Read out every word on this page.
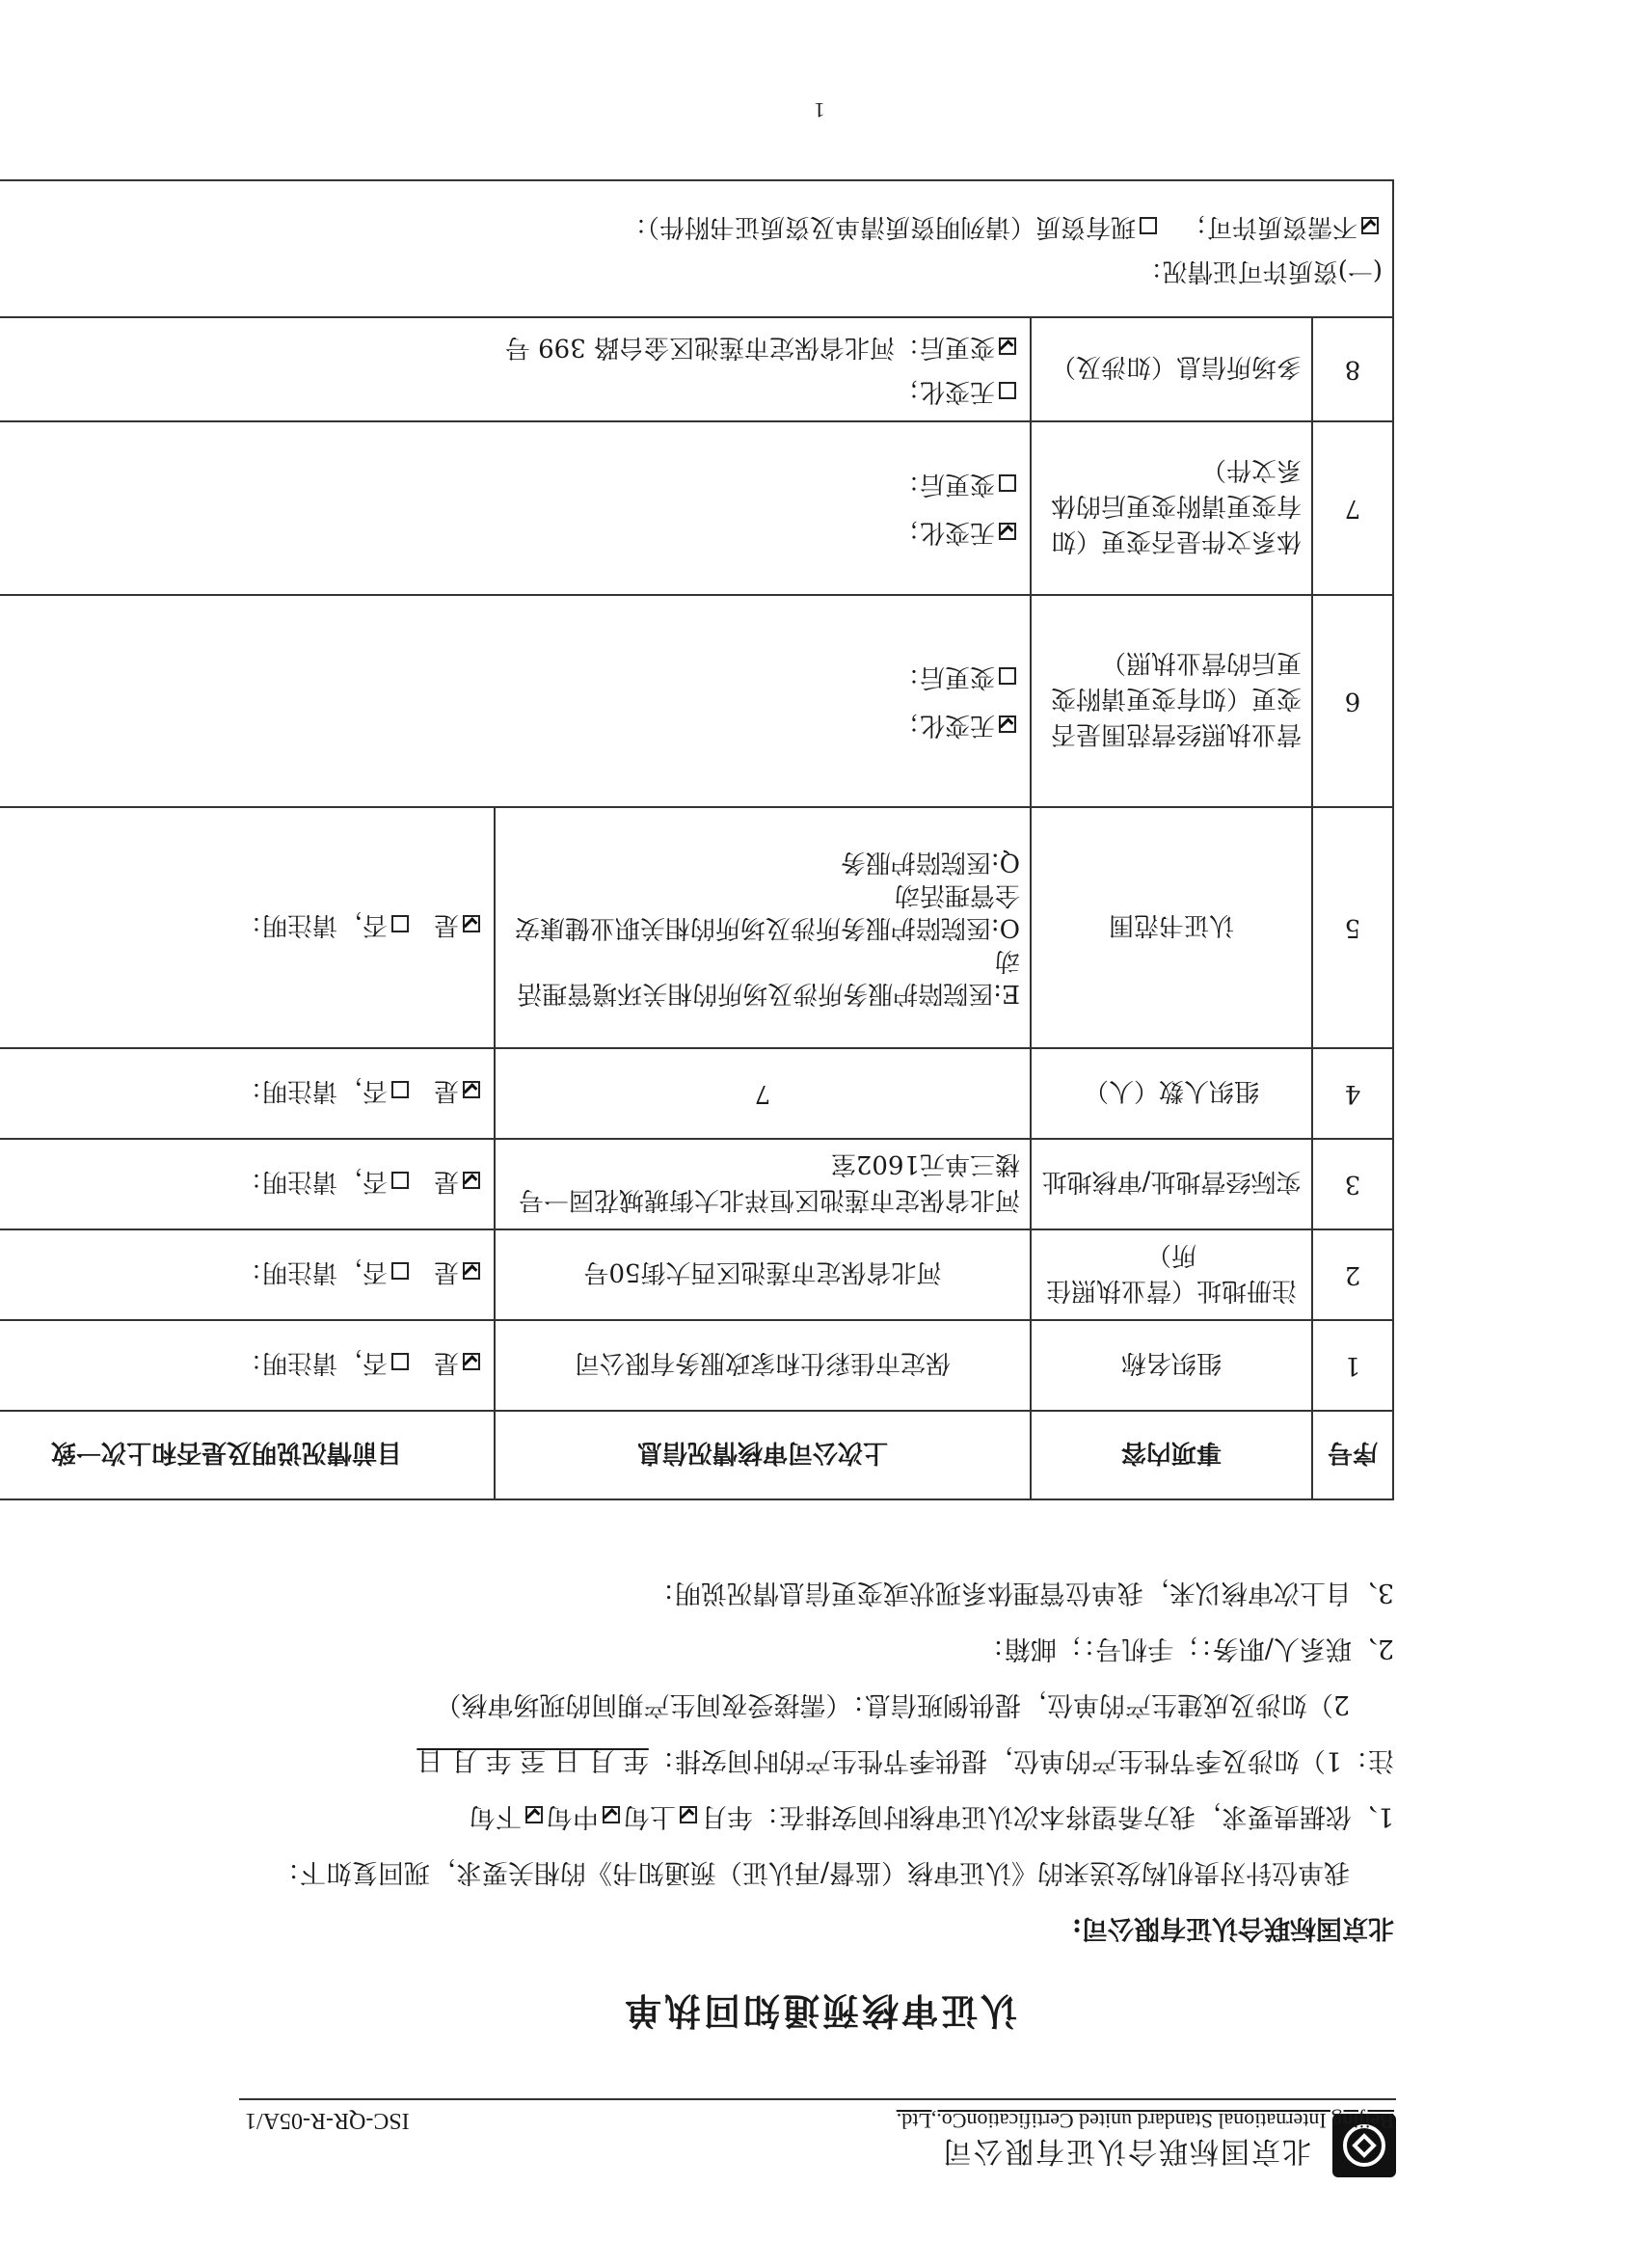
北京国标联合认证有限公司
Beijing International Standard united CertificationCo.,Ltd.
ISC-QR-R-05A/1
认证审核预通知回执单
北京国标联合认证有限公司:
我单位针对贵机构发送来的《认证审核（监督/再认证）预通知书》的相关要求，现回复如下：
1、依据贵要求，我方希望将本次认证审核时间安排在：年月上旬中旬下旬
注：1）如涉及季节性生产的单位，提供季节性生产的时间安排：年 月 日 至 年 月 日
2）如涉及成建生产的单位，提供倒班信息：（需接受夜间生产期间的现场审核）
2、联系人/职务：；手机号：；邮箱：
3、自上次审核以来，我单位管理体系现状或变更信息情况说明：
序号	事项内容	上次公司审核情况信息	目前情况说明及是否和上次一致
1	组织名称	保定市佳彩仕和家政服务有限公司	是否，请注明：
2	注册地址（营业执照住所）	河北省保定市莲池区西大街50号	是否，请注明：
3	实际经营地址/审核地址	河北省保定市莲池区恒祥北大街琥城花园一号楼三单元1602室	是否，请注明：
4	组织人数（人）	7	是否，请注明：
5	认证书范围	E:医院陪护服务所涉及场所的相关环境管理活动
O:医院陪护服务所涉及场所的相关职业健康安全管理活动
Q:医院陪护服务	是否，请注明：
6	营业执照经营范围是否变更（如有变更请附变更后的营业执照）	无变化；
变更后：	

7	体系文件是否变更（如有变更请附变更后的体系文件）	无变化；
变更后：	

8	多场所信息（如涉及）	无变化；
变更后：河北省保定市莲池区金台路 399 号	

(一)资质许可证情况：
不需资质许可；现有资质（请列明资质清单及资质证书附件）：			
1
